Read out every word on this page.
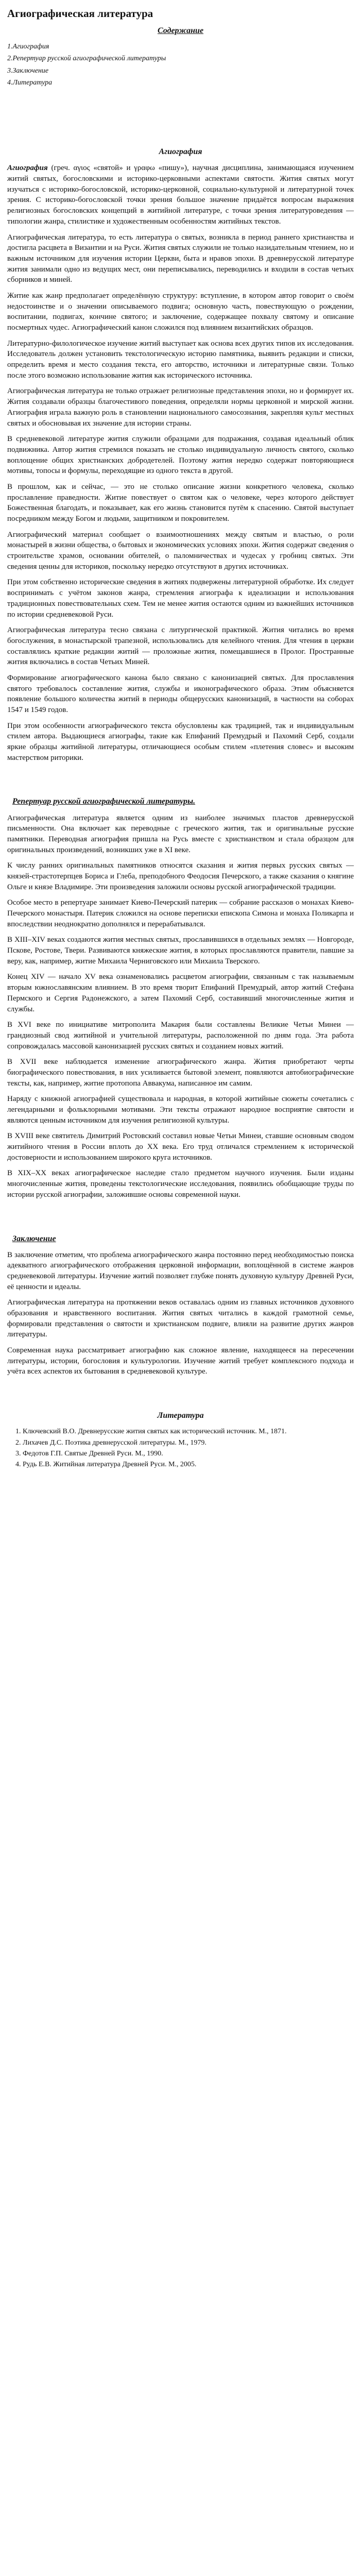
Агиографическая литература
Содержание
1.Агиография
2.Репертуар русской агиографической литературы
3.Заключение
4.Литература
Агиография

Агиография (греч. αγιος «святой» и γραφω «пишу»), научная дисциплина, занимающаяся изучением житий святых, богословскими и историко-церковными аспектами святости. Жития святых могут изучаться с историко-богословской, историко-церковной, социально-культурной и литературной точек зрения. С историко-богословской точки зрения большое значение придаётся вопросам выражения религиозных богословских концепций в житийной литературе, с точки зрения литературоведения — типологии жанра, стилистике и художественным особенностям житийных текстов.

Агиографическая литература, то есть литература о святых, возникла в период раннего христианства и достигла расцвета в Византии и на Руси. Жития святых служили не только назидательным чтением, но и важным источником для изучения истории Церкви, быта и нравов эпохи. В древнерусской литературе жития занимали одно из ведущих мест, они переписывались, переводились и входили в состав четьих сборников и миней.

Житие как жанр предполагает определённую структуру: вступление, в котором автор говорит о своём недостоинстве и о значении описываемого подвига; основную часть, повествующую о рождении, воспитании, подвигах, кончине святого; и заключение, содержащее похвалу святому и описание посмертных чудес. Агиографический канон сложился под влиянием византийских образцов.

Литературно-филологическое изучение житий выступает как основа всех других типов их исследования. Исследователь должен установить текстологическую историю памятника, выявить редакции и списки, определить время и место создания текста, его авторство, источники и литературные связи. Только после этого возможно использование жития как исторического источника.

Агиографическая литература не только отражает религиозные представления эпохи, но и формирует их. Жития создавали образцы благочестивого поведения, определяли нормы церковной и мирской жизни. Агиография играла важную роль в становлении национального самосознания, закрепляя культ местных святых и обосновывая их значение для истории страны.

В средневековой литературе жития служили образцами для подражания, создавая идеальный облик подвижника. Автор жития стремился показать не столько индивидуальную личность святого, сколько воплощение общих христианских добродетелей. Поэтому жития нередко содержат повторяющиеся мотивы, топосы и формулы, переходящие из одного текста в другой.

В прошлом, как и сейчас, — это не столько описание жизни конкретного человека, сколько прославление праведности. Житие повествует о святом как о человеке, через которого действует Божественная благодать, и показывает, как его жизнь становится путём к спасению. Святой выступает посредником между Богом и людьми, защитником и покровителем.

Агиографический материал сообщает о взаимоотношениях между святым и властью, о роли монастырей в жизни общества, о бытовых и экономических условиях эпохи. Жития содержат сведения о строительстве храмов, основании обителей, о паломничествах и чудесах у гробниц святых. Эти сведения ценны для историков, поскольку нередко отсутствуют в других источниках.

При этом собственно исторические сведения в житиях подвержены литературной обработке. Их следует воспринимать с учётом законов жанра, стремления агиографа к идеализации и использования традиционных повествовательных схем. Тем не менее жития остаются одним из важнейших источников по истории средневековой Руси.

Агиографическая литература тесно связана с литургической практикой. Жития читались во время богослужения, в монастырской трапезной, использовались для келейного чтения. Для чтения в церкви составлялись краткие редакции житий — проложные жития, помещавшиеся в Пролог. Пространные жития включались в состав Четьих Миней.

Формирование агиографического канона было связано с канонизацией святых. Для прославления святого требовалось составление жития, службы и иконографического образа. Этим объясняется появление большого количества житий в периоды общерусских канонизаций, в частности на соборах 1547 и 1549 годов.

При этом особенности агиографического текста обусловлены как традицией, так и индивидуальным стилем автора. Выдающиеся агиографы, такие как Епифаний Премудрый и Пахомий Серб, создали яркие образцы житийной литературы, отличающиеся особым стилем «плетения словес» и высоким мастерством риторики.

Репертуар русской агиографической литературы.

Агиографическая литература является одним из наиболее значимых пластов древнерусской письменности. Она включает как переводные с греческого жития, так и оригинальные русские памятники. Переводная агиография пришла на Русь вместе с христианством и стала образцом для оригинальных произведений, возникших уже в XI веке.

К числу ранних оригинальных памятников относятся сказания и жития первых русских святых — князей-страстотерпцев Бориса и Глеба, преподобного Феодосия Печерского, а также сказания о княгине Ольге и князе Владимире. Эти произведения заложили основы русской агиографической традиции.

Особое место в репертуаре занимает Киево-Печерский патерик — собрание рассказов о монахах Киево-Печерского монастыря. Патерик сложился на основе переписки епископа Симона и монаха Поликарпа и впоследствии неоднократно дополнялся и перерабатывался.

В XIII–XIV веках создаются жития местных святых, прославившихся в отдельных землях — Новгороде, Пскове, Ростове, Твери. Развиваются княжеские жития, в которых прославляются правители, павшие за веру, как, например, житие Михаила Черниговского или Михаила Тверского.

Конец XIV — начало XV века ознаменовались расцветом агиографии, связанным с так называемым вторым южнославянским влиянием. В это время творит Епифаний Премудрый, автор житий Стефана Пермского и Сергия Радонежского, а затем Пахомий Серб, составивший многочисленные жития и службы.

В XVI веке по инициативе митрополита Макария были составлены Великие Четьи Минеи — грандиозный свод житийной и учительной литературы, расположенной по дням года. Эта работа сопровождалась массовой канонизацией русских святых и созданием новых житий.

В XVII веке наблюдается изменение агиографического жанра. Жития приобретают черты биографического повествования, в них усиливается бытовой элемент, появляются автобиографические тексты, как, например, житие протопопа Аввакума, написанное им самим.

Наряду с книжной агиографией существовала и народная, в которой житийные сюжеты сочетались с легендарными и фольклорными мотивами. Эти тексты отражают народное восприятие святости и являются ценным источником для изучения религиозной культуры.

В XVIII веке святитель Димитрий Ростовский составил новые Четьи Минеи, ставшие основным сводом житийного чтения в России вплоть до XX века. Его труд отличался стремлением к исторической достоверности и использованием широкого круга источников.

В XIX–XX веках агиографическое наследие стало предметом научного изучения. Были изданы многочисленные жития, проведены текстологические исследования, появились обобщающие труды по истории русской агиографии, заложившие основы современной науки.

Заключение

В заключение отметим, что проблема агиографического жанра постоянно перед необходимостью поиска адекватного агиографического отображения церковной информации, воплощённой в системе жанров средневековой литературы. Изучение житий позволяет глубже понять духовную культуру Древней Руси, её ценности и идеалы.

Агиографическая литература на протяжении веков оставалась одним из главных источников духовного образования и нравственного воспитания. Жития святых читались в каждой грамотной семье, формировали представления о святости и христианском подвиге, влияли на развитие других жанров литературы.

Современная наука рассматривает агиографию как сложное явление, находящееся на пересечении литературы, истории, богословия и культурологии. Изучение житий требует комплексного подхода и учёта всех аспектов их бытования в средневековой культуре.

Литература
1. Ключевский В.О. Древнерусские жития святых как исторический источник. М., 1871.
2. Лихачев Д.С. Поэтика древнерусской литературы. М., 1979.
3. Федотов Г.П. Святые Древней Руси. М., 1990.
4. Рудь Е.В. Житийная литература Древней Руси. М., 2005.
